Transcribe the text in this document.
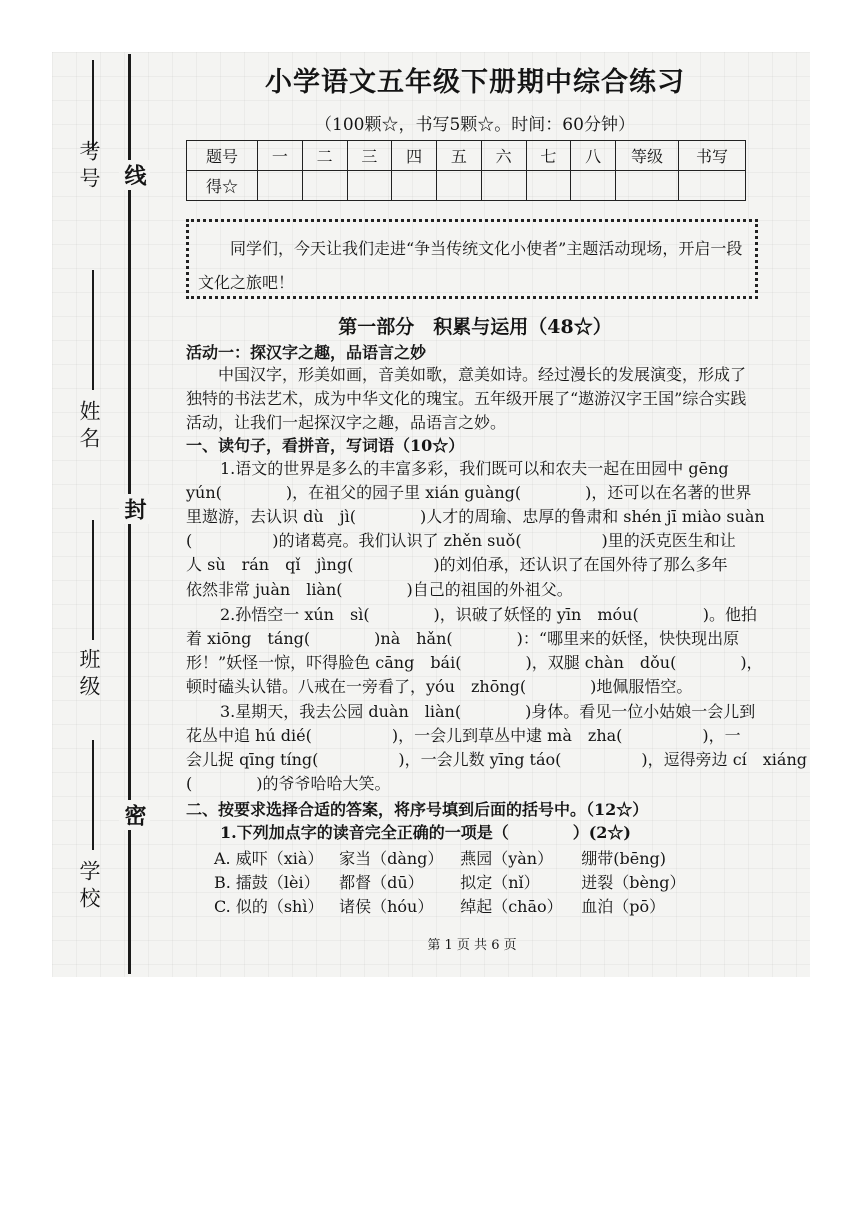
考号
姓名
班级
学校
线
封
密
小学语文五年级下册期中综合练习
（100颗☆，书写5颗☆。时间：60分钟）
题号	一	二	三	四	五	六	七	八	等级	书写
得☆										
同学们，今天让我们走进“争当传统文化小使者”主题活动现场，开启一段文化之旅吧！
第一部分　积累与运用（48☆）
活动一：探汉字之趣，品语言之妙
中国汉字，形美如画，音美如歌，意美如诗。经过漫长的发展演变，形成了独特的书法艺术，成为中华文化的瑰宝。五年级开展了“遨游汉字王国”综合实践活动，让我们一起探汉字之趣，品语言之妙。
一、读句子，看拼音，写词语（10☆）
1.语文的世界是多么的丰富多彩，我们既可以和农夫一起在田园中 gēng
yún(　　　　)，在祖父的园子里 xián guàng(　　　　)，还可以在名著的世界
里遨游，去认识 dù　jì(　　　　)人才的周瑜、忠厚的鲁肃和 shén jī miào suàn
(　　　　　)的诸葛亮。我们认识了 zhěn suǒ(　　　　　)里的沃克医生和让
人 sù　rán　qǐ　jìng(　　　　　)的刘伯承，还认识了在国外待了那么多年
依然非常 juàn　liàn(　　　　)自己的祖国的外祖父。
2.孙悟空一 xún　sì(　　　　)，识破了妖怪的 yīn　móu(　　　　)。他拍
着 xiōng　táng(　　　　)nà　hǎn(　　　　)：“哪里来的妖怪，快快现出原
形！”妖怪一惊，吓得脸色 cāng　bái(　　　　)，双腿 chàn　dǒu(　　　　)，
顿时磕头认错。八戒在一旁看了，yóu　zhōng(　　　　)地佩服悟空。
3.星期天，我去公园 duàn　liàn(　　　　)身体。看见一位小姑娘一会儿到
花丛中追 hú dié(　　　　　)，一会儿到草丛中逮 mà　zha(　　　　　)，一
会儿捉 qīng tíng(　　　　　)，一会儿数 yīng táo(　　　　　)，逗得旁边 cí　xiáng
(　　　　)的爷爷哈哈大笑。
二、按要求选择合适的答案，将序号填到后面的括号中。（12☆）
1.下列加点字的读音完全正确的一项是（　　　　）(2☆)
A. 威吓（xià） 家当（dàng） 燕园（yàn） 绷带(bēng)
B. 擂鼓（lèi） 都督（dū） 拟定（nǐ）	迸裂（bèng）
C. 似的（shì） 诸侯（hóu） 绰起（chāo） 血泊（pō）
第 1 页 共 6 页
